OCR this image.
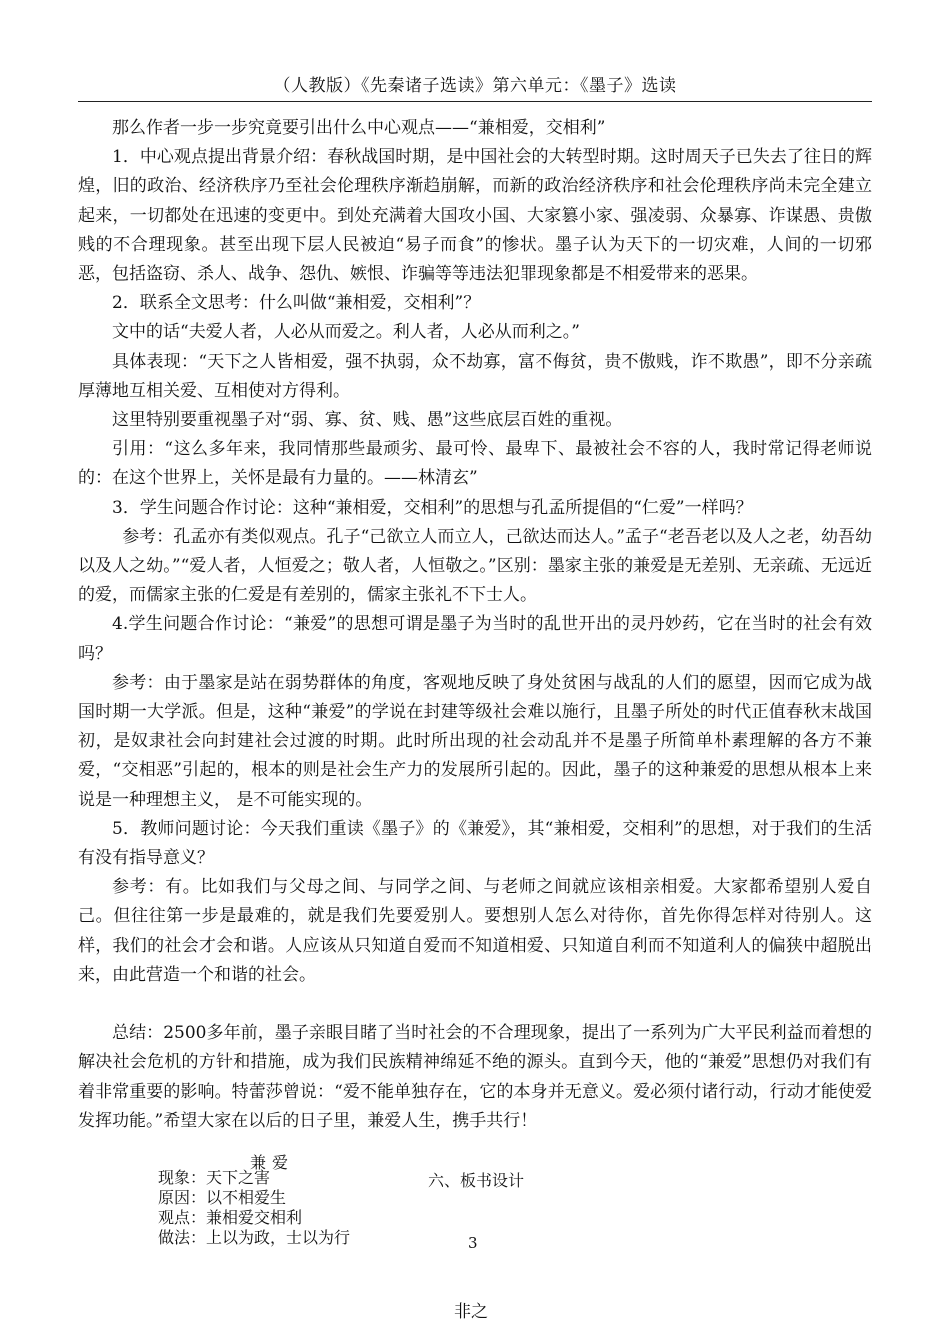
（人教版）《先秦诸子选读》第六单元：《墨子》选读

那么作者一步一步究竟要引出什么中心观点——“兼相爱，交相利”

1．中心观点提出背景介绍：春秋战国时期，是中国社会的大转型时期。这时周天子已失去了往日的辉煌，旧的政治、经济秩序乃至社会伦理秩序渐趋崩解，而新的政治经济秩序和社会伦理秩序尚未完全建立起来，一切都处在迅速的变更中。到处充满着大国攻小国、大家篡小家、强凌弱、众暴寡、诈谋愚、贵傲贱的不合理现象。甚至出现下层人民被迫“易子而食”的惨状。墨子认为天下的一切灾难，人间的一切邪恶，包括盗窃、杀人、战争、怨仇、嫉恨、诈骗等等违法犯罪现象都是不相爱带来的恶果。

2．联系全文思考：什么叫做“兼相爱，交相利”？

文中的话“夫爱人者，人必从而爱之。利人者，人必从而利之。”

具体表现：“天下之人皆相爱，强不执弱，众不劫寡，富不侮贫，贵不傲贱，诈不欺愚”，即不分亲疏厚薄地互相关爱、互相使对方得利。

这里特别要重视墨子对“弱、寡、贫、贱、愚”这些底层百姓的重视。

引用：“这么多年来，我同情那些最顽劣、最可怜、最卑下、最被社会不容的人，我时常记得老师说的：在这个世界上，关怀是最有力量的。——林清玄”

3．学生问题合作讨论：这种“兼相爱，交相利”的思想与孔孟所提倡的“仁爱”一样吗？

参考：孔孟亦有类似观点。孔子“己欲立人而立人，己欲达而达人。”孟子“老吾老以及人之老，幼吾幼以及人之幼。”“爱人者，人恒爱之；敬人者，人恒敬之。”区别：墨家主张的兼爱是无差别、无亲疏、无远近的爱，而儒家主张的仁爱是有差别的，儒家主张礼不下士人。

4.学生问题合作讨论：“兼爱”的思想可谓是墨子为当时的乱世开出的灵丹妙药，它在当时的社会有效吗？

参考：由于墨家是站在弱势群体的角度，客观地反映了身处贫困与战乱的人们的愿望，因而它成为战国时期一大学派。但是，这种“兼爱”的学说在封建等级社会难以施行，且墨子所处的时代正值春秋末战国初，是奴隶社会向封建社会过渡的时期。此时所出现的社会动乱并不是墨子所简单朴素理解的各方不兼爱，“交相恶”引起的，根本的则是社会生产力的发展所引起的。因此，墨子的这种兼爱的思想从根本上来说是一种理想主义， 是不可能实现的。

5．教师问题讨论：今天我们重读《墨子》的《兼爱》，其“兼相爱，交相利”的思想，对于我们的生活有没有指导意义？

参考：有。比如我们与父母之间、与同学之间、与老师之间就应该相亲相爱。大家都希望别人爱自己。但往往第一步是最难的，就是我们先要爱别人。要想别人怎么对待你，首先你得怎样对待别人。这样，我们的社会才会和谐。人应该从只知道自爱而不知道相爱、只知道自利而不知道利人的偏狭中超脱出来，由此营造一个和谐的社会。

总结：2500多年前，墨子亲眼目睹了当时社会的不合理现象，提出了一系列为广大平民利益而着想的解决社会危机的方针和措施，成为我们民族精神绵延不绝的源头。直到今天，他的“兼爱”思想仍对我们有着非常重要的影响。特蕾莎曾说：“爱不能单独存在，它的本身并无意义。爱必须付诸行动，行动才能使爱发挥功能。”希望大家在以后的日子里，兼爱人生，携手共行！

兼爱
六、板书设计
现象：天下之害
原因：以不相爱生
观点：兼相爱交相利
做法：上以为政，士以为行	3
非之
